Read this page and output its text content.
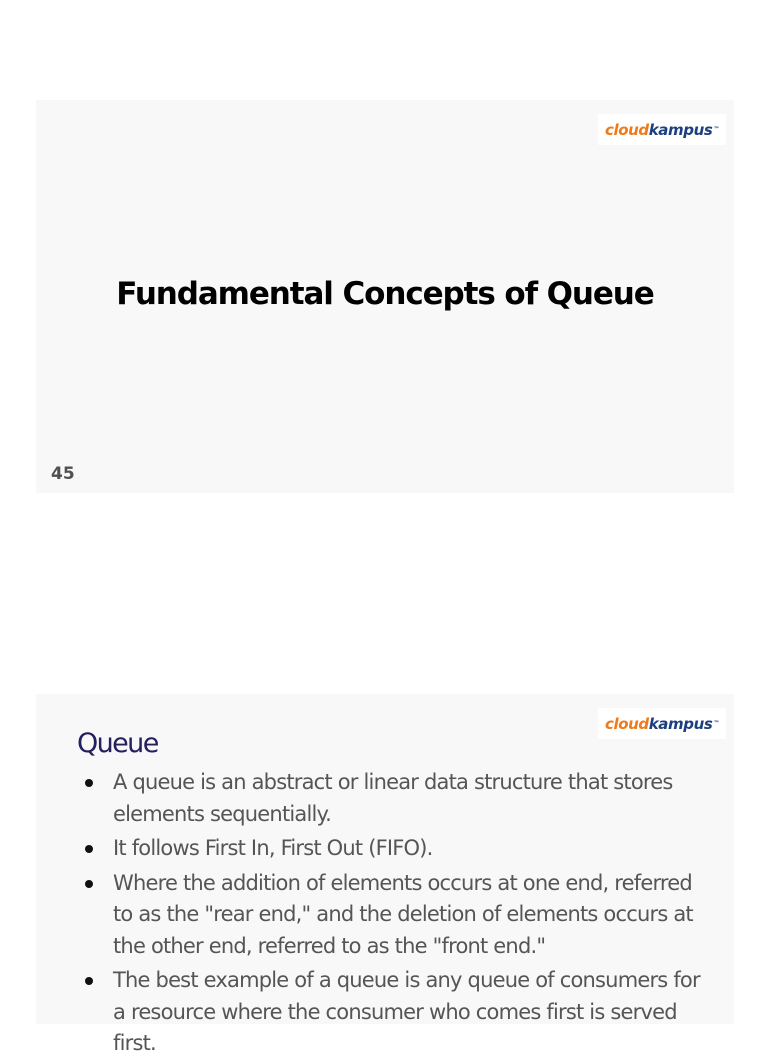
cloud kampus ™
Fundamental Concepts of Queue
45
cloud kampus ™
Queue
A queue is an abstract or linear data structure that stores elements sequentially.
It follows First In, First Out (FIFO).
Where the addition of elements occurs at one end, referred to as the "rear end," and the deletion of elements occurs at the other end, referred to as the "front end."
The best example of a queue is any queue of consumers for a resource where the consumer who comes first is served first.
